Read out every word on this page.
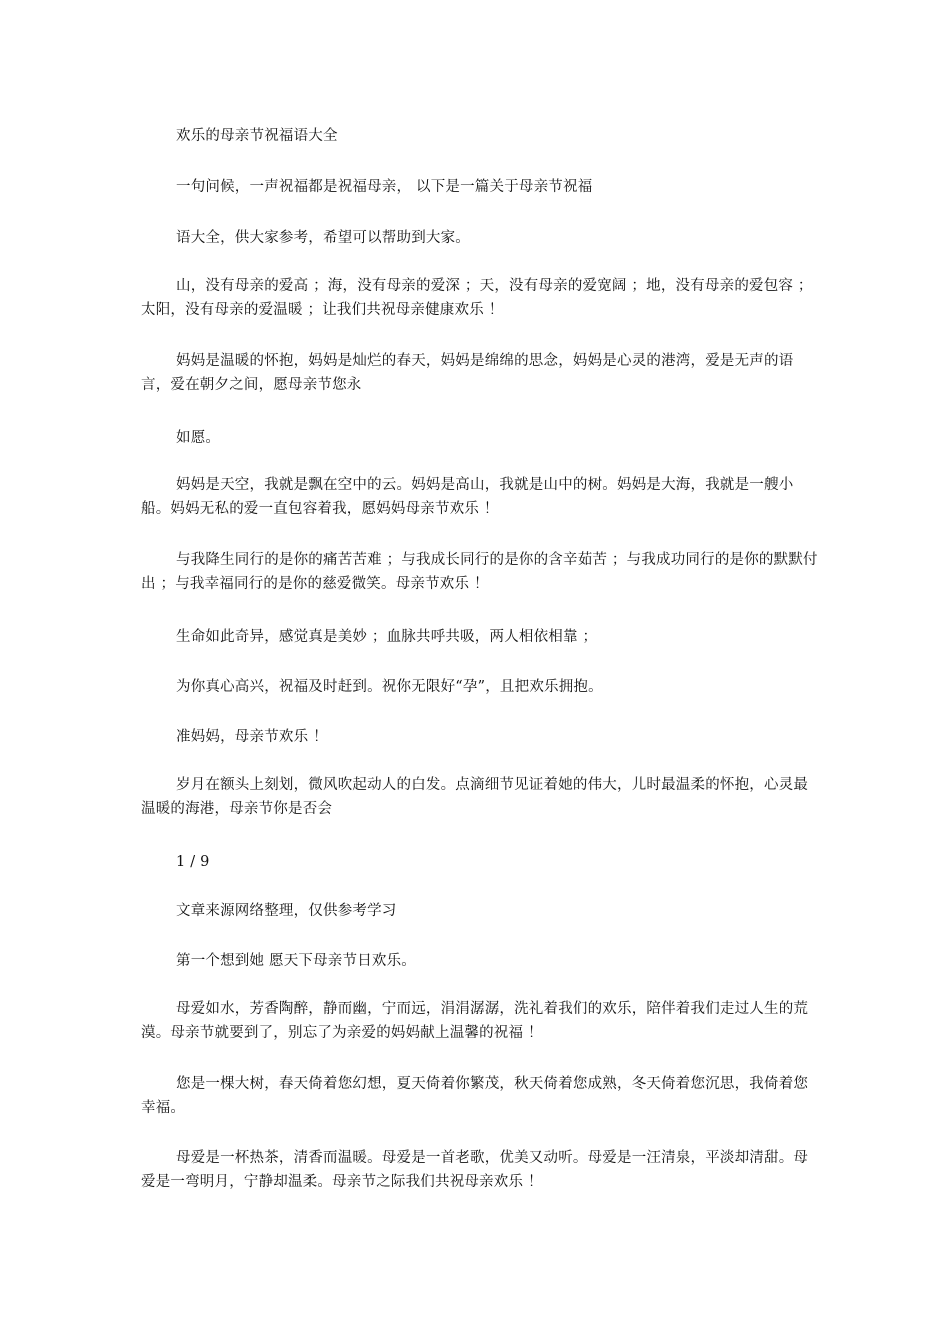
欢乐的母亲节祝福语大全
一句问候，一声祝福都是祝福母亲， 以下是一篇关于母亲节祝福
语大全，供大家参考，希望可以帮助到大家。
山，没有母亲的爱高 ；海，没有母亲的爱深 ；天，没有母亲的爱宽阔 ；地，没有母亲的爱包容 ；太阳，没有母亲的爱温暖 ；让我们共祝母亲健康欢乐 ！
妈妈是温暖的怀抱，妈妈是灿烂的春天，妈妈是绵绵的思念，妈妈是心灵的港湾，爱是无声的语言，爱在朝夕之间，愿母亲节您永
如愿。
妈妈是天空，我就是飘在空中的云。妈妈是高山，我就是山中的树。妈妈是大海，我就是一艘小船。妈妈无私的爱一直包容着我，愿妈妈母亲节欢乐 ！
与我降生同行的是你的痛苦苦难 ；与我成长同行的是你的含辛茹苦 ；与我成功同行的是你的默默付出 ；与我幸福同行的是你的慈爱微笑。母亲节欢乐 ！
生命如此奇异，感觉真是美妙 ；血脉共呼共吸，两人相依相靠 ；
为你真心高兴，祝福及时赶到。祝你无限好“孕”，且把欢乐拥抱。
准妈妈，母亲节欢乐 ！
岁月在额头上刻划，微风吹起动人的白发。点滴细节见证着她的伟大，儿时最温柔的怀抱，心灵最温暖的海港，母亲节你是否会
1 / 9
文章来源网络整理，仅供参考学习
第一个想到她 愿天下母亲节日欢乐。
母爱如水，芳香陶醉，静而幽，宁而远，涓涓潺潺，洗礼着我们的欢乐，陪伴着我们走过人生的荒漠。母亲节就要到了，别忘了为亲爱的妈妈献上温馨的祝福 ！
您是一棵大树，春天倚着您幻想，夏天倚着你繁茂，秋天倚着您成熟，冬天倚着您沉思，我倚着您幸福。
母爱是一杯热茶，清香而温暖。母爱是一首老歌，优美又动听。母爱是一汪清泉，平淡却清甜。母爱是一弯明月，宁静却温柔。母亲节之际我们共祝母亲欢乐 ！
